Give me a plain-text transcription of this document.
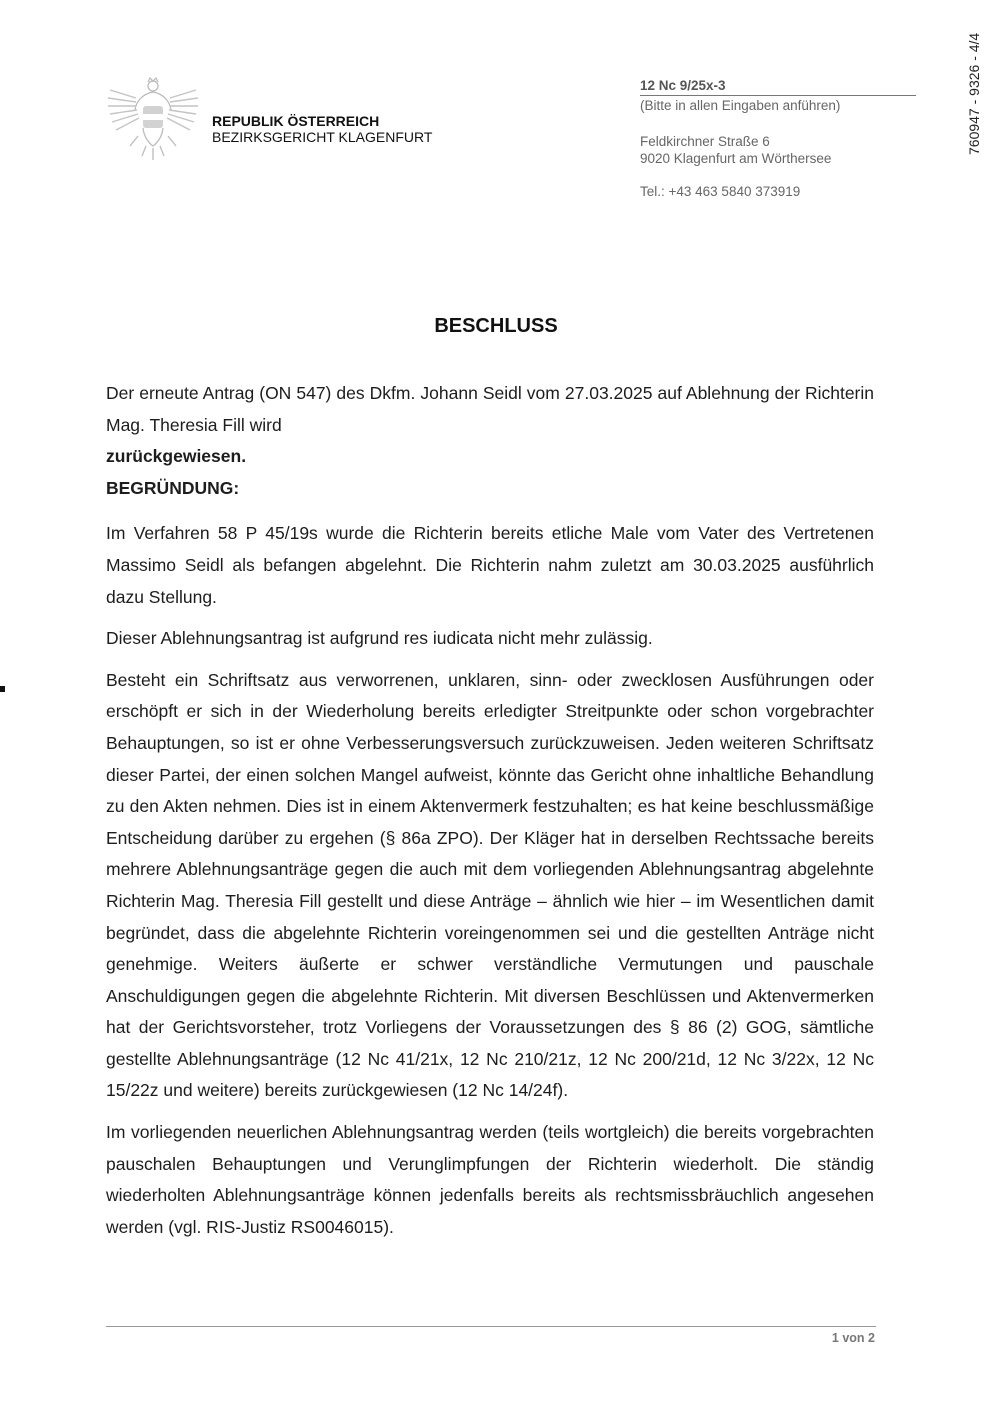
REPUBLIK ÖSTERREICH
BEZIRKSGERICHT KLAGENFURT
12 Nc 9/25x-3
(Bitte in allen Eingaben anführen)
Feldkirchner Straße 6
9020 Klagenfurt am Wörthersee
Tel.: +43 463 5840 373919
760947 - 9326 - 4/4
BESCHLUSS

Der erneute Antrag (ON 547) des Dkfm. Johann Seidl vom 27.03.2025 auf Ablehnung der Richterin Mag. Theresia Fill wird

zurückgewiesen.

BEGRÜNDUNG:

Im Verfahren 58 P 45/19s wurde die Richterin bereits etliche Male vom Vater des Vertretenen Massimo Seidl als befangen abgelehnt. Die Richterin nahm zuletzt am 30.03.2025 ausführlich dazu Stellung.

Dieser Ablehnungsantrag ist aufgrund res iudicata nicht mehr zulässig.

Besteht ein Schriftsatz aus verworrenen, unklaren, sinn- oder zwecklosen Ausführungen oder erschöpft er sich in der Wiederholung bereits erledigter Streitpunkte oder schon vorgebrachter Behauptungen, so ist er ohne Verbesserungsversuch zurückzuweisen. Jeden weiteren Schriftsatz dieser Partei, der einen solchen Mangel aufweist, könnte das Gericht ohne inhaltliche Behandlung zu den Akten nehmen. Dies ist in einem Aktenvermerk festzuhalten; es hat keine beschlussmäßige Entscheidung darüber zu ergehen (§ 86a ZPO). Der Kläger hat in derselben Rechtssache bereits mehrere Ablehnungsanträge gegen die auch mit dem vorliegenden Ablehnungsantrag abgelehnte Richterin Mag. Theresia Fill gestellt und diese Anträge – ähnlich wie hier – im Wesentlichen damit begründet, dass die abgelehnte Richterin voreingenommen sei und die gestellten Anträge nicht genehmige. Weiters äußerte er schwer verständliche Vermutungen und pauschale Anschuldigungen gegen die abgelehnte Richterin. Mit diversen Beschlüssen und Aktenvermerken hat der Gerichtsvorsteher, trotz Vorliegens der Voraussetzungen des § 86 (2) GOG, sämtliche gestellte Ablehnungsanträge (12 Nc 41/21x, 12 Nc 210/21z, 12 Nc 200/21d, 12 Nc 3/22x, 12 Nc 15/22z und weitere) bereits zurückgewiesen (12 Nc 14/24f).

Im vorliegenden neuerlichen Ablehnungsantrag werden (teils wortgleich) die bereits vorgebrachten pauschalen Behauptungen und Verunglimpfungen der Richterin wiederholt. Die ständig wiederholten Ablehnungsanträge können jedenfalls bereits als rechtsmissbräuchlich angesehen werden (vgl. RIS-Justiz RS0046015).

1 von 2
